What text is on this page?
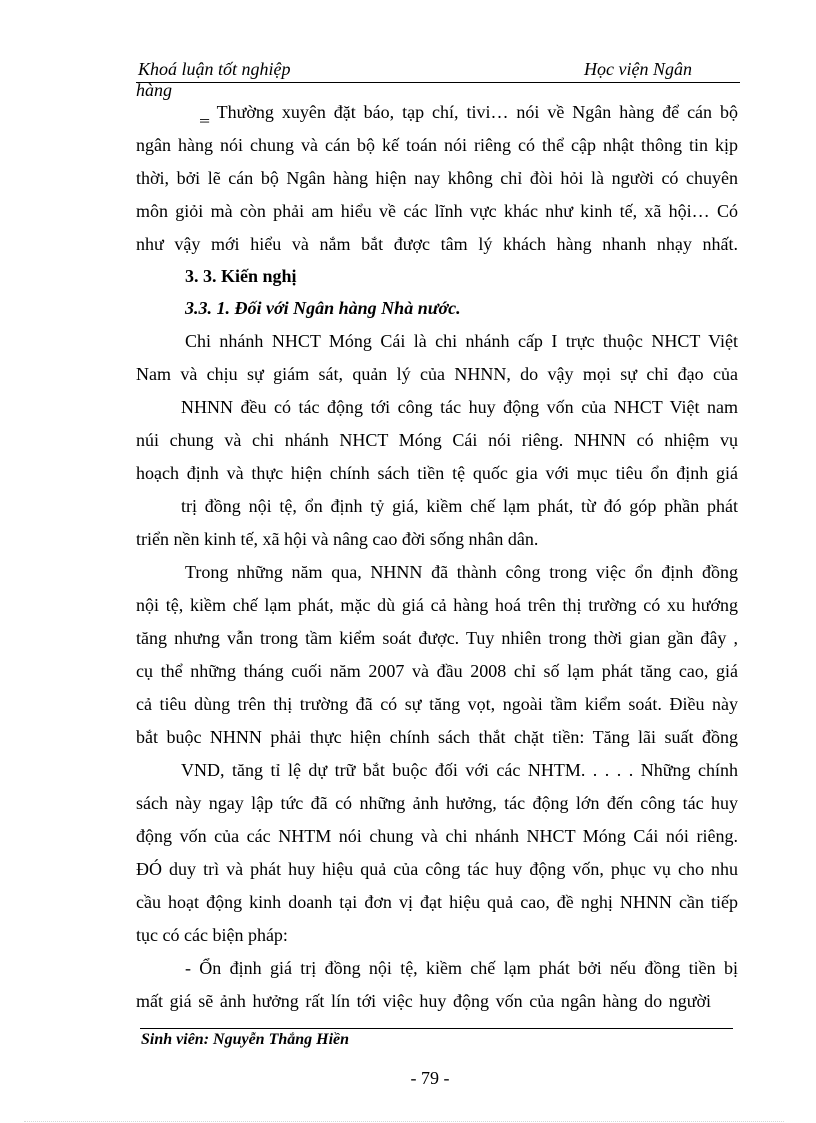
Khoá luận tốt nghiệp	Học viện Ngân
hàng
‗ Thường xuyên đặt báo, tạp chí, tivi… nói về Ngân hàng để cán bộ
ngân hàng nói chung và cán bộ kế toán nói riêng có thể cập nhật thông tin kịp
thời, bởi lẽ cán bộ Ngân hàng hiện nay không chỉ đòi hỏi là người có chuyên
môn giỏi mà còn phải am hiểu về các lĩnh vực khác như kinh tế, xã hội… Có
như vậy mới hiểu và nắm bắt được tâm lý khách hàng nhanh nhạy nhất.
3. 3. Kiến nghị
3.3. 1. Đối với Ngân hàng Nhà nước.
Chi nhánh NHCT Móng Cái là chi nhánh cấp I trực thuộc NHCT Việt
Nam và chịu sự giám sát, quản lý của NHNN, do vậy mọi sự chỉ đạo của
NHNN đều có tác động tới công tác huy động vốn của NHCT Việt nam
núi chung và chi nhánh NHCT Móng Cái nói riêng. NHNN có nhiệm vụ
hoạch định và thực hiện chính sách tiền tệ quốc gia với mục tiêu ổn định giá
trị đồng nội tệ, ổn định tỷ giá, kiềm chế lạm phát, từ đó góp phần phát
triển nền kinh tế, xã hội và nâng cao đời sống nhân dân.
Trong những năm qua, NHNN đã thành công trong việc ổn định đồng
nội tệ, kiềm chế lạm phát, mặc dù giá cả hàng hoá trên thị trường có xu hướng
tăng nhưng vẫn trong tầm kiểm soát được. Tuy nhiên trong thời gian gần đây ,
cụ thể những tháng cuối năm 2007 và đầu 2008 chỉ số lạm phát tăng cao, giá
cả tiêu dùng trên thị trường đã có sự tăng vọt, ngoài tầm kiểm soát. Điều này
bắt buộc NHNN phải thực hiện chính sách thắt chặt tiền: Tăng lãi suất đồng
VND, tăng tỉ lệ dự trữ bắt buộc đối với các NHTM. . . . . Những chính
sách này ngay lập tức đã có những ảnh hưởng, tác động lớn đến công tác huy
động vốn của các NHTM nói chung và chi nhánh NHCT Móng Cái nói riêng.
ĐÓ duy trì và phát huy hiệu quả của công tác huy động vốn, phục vụ cho nhu
cầu hoạt động kinh doanh tại đơn vị đạt hiệu quả cao, đề nghị NHNN cần tiếp
tục có các biện pháp:
- Ổn định giá trị đồng nội tệ, kiềm chế lạm phát bởi nếu đồng tiền bị
mất giá sẽ ảnh hưởng rất lín tới việc huy động vốn của ngân hàng do người
Sinh viên: Nguyễn Thắng Hiền
- 79 -
